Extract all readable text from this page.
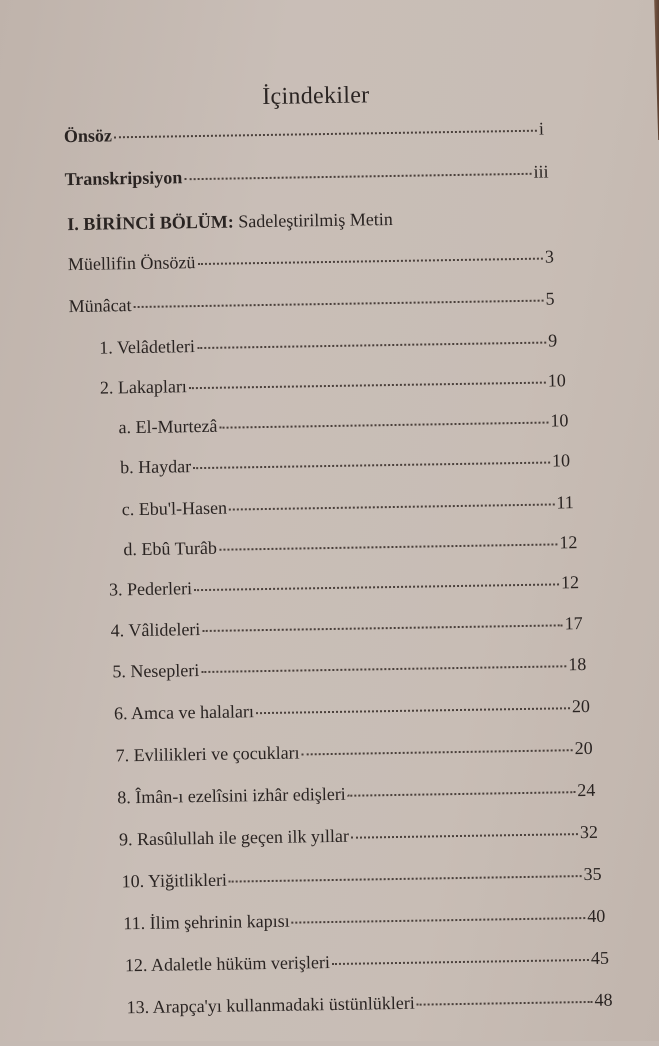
İçindekiler
Önsöz	i
Transkripsiyon	iii
I. BİRİNCİ BÖLÜM: Sadeleştirilmiş Metin
Müellifin Önsözü	3
Münâcat	5
1. Velâdetleri	9
2. Lakapları	10
a. El-Murtezâ	10
b. Haydar	10
c. Ebu'l-Hasen	11
d. Ebû Turâb	12
3. Pederleri	12
4. Vâlideleri	17
5. Nesepleri	18
6. Amca ve halaları	20
7. Evlilikleri ve çocukları	20
8. Îmân-ı ezelîsini izhâr edişleri	24
9. Rasûlullah ile geçen ilk yıllar	32
10. Yiğitlikleri	35
11. İlim şehrinin kapısı	40
12. Adaletle hüküm verişleri	45
13. Arapça'yı kullanmadaki üstünlükleri	48
